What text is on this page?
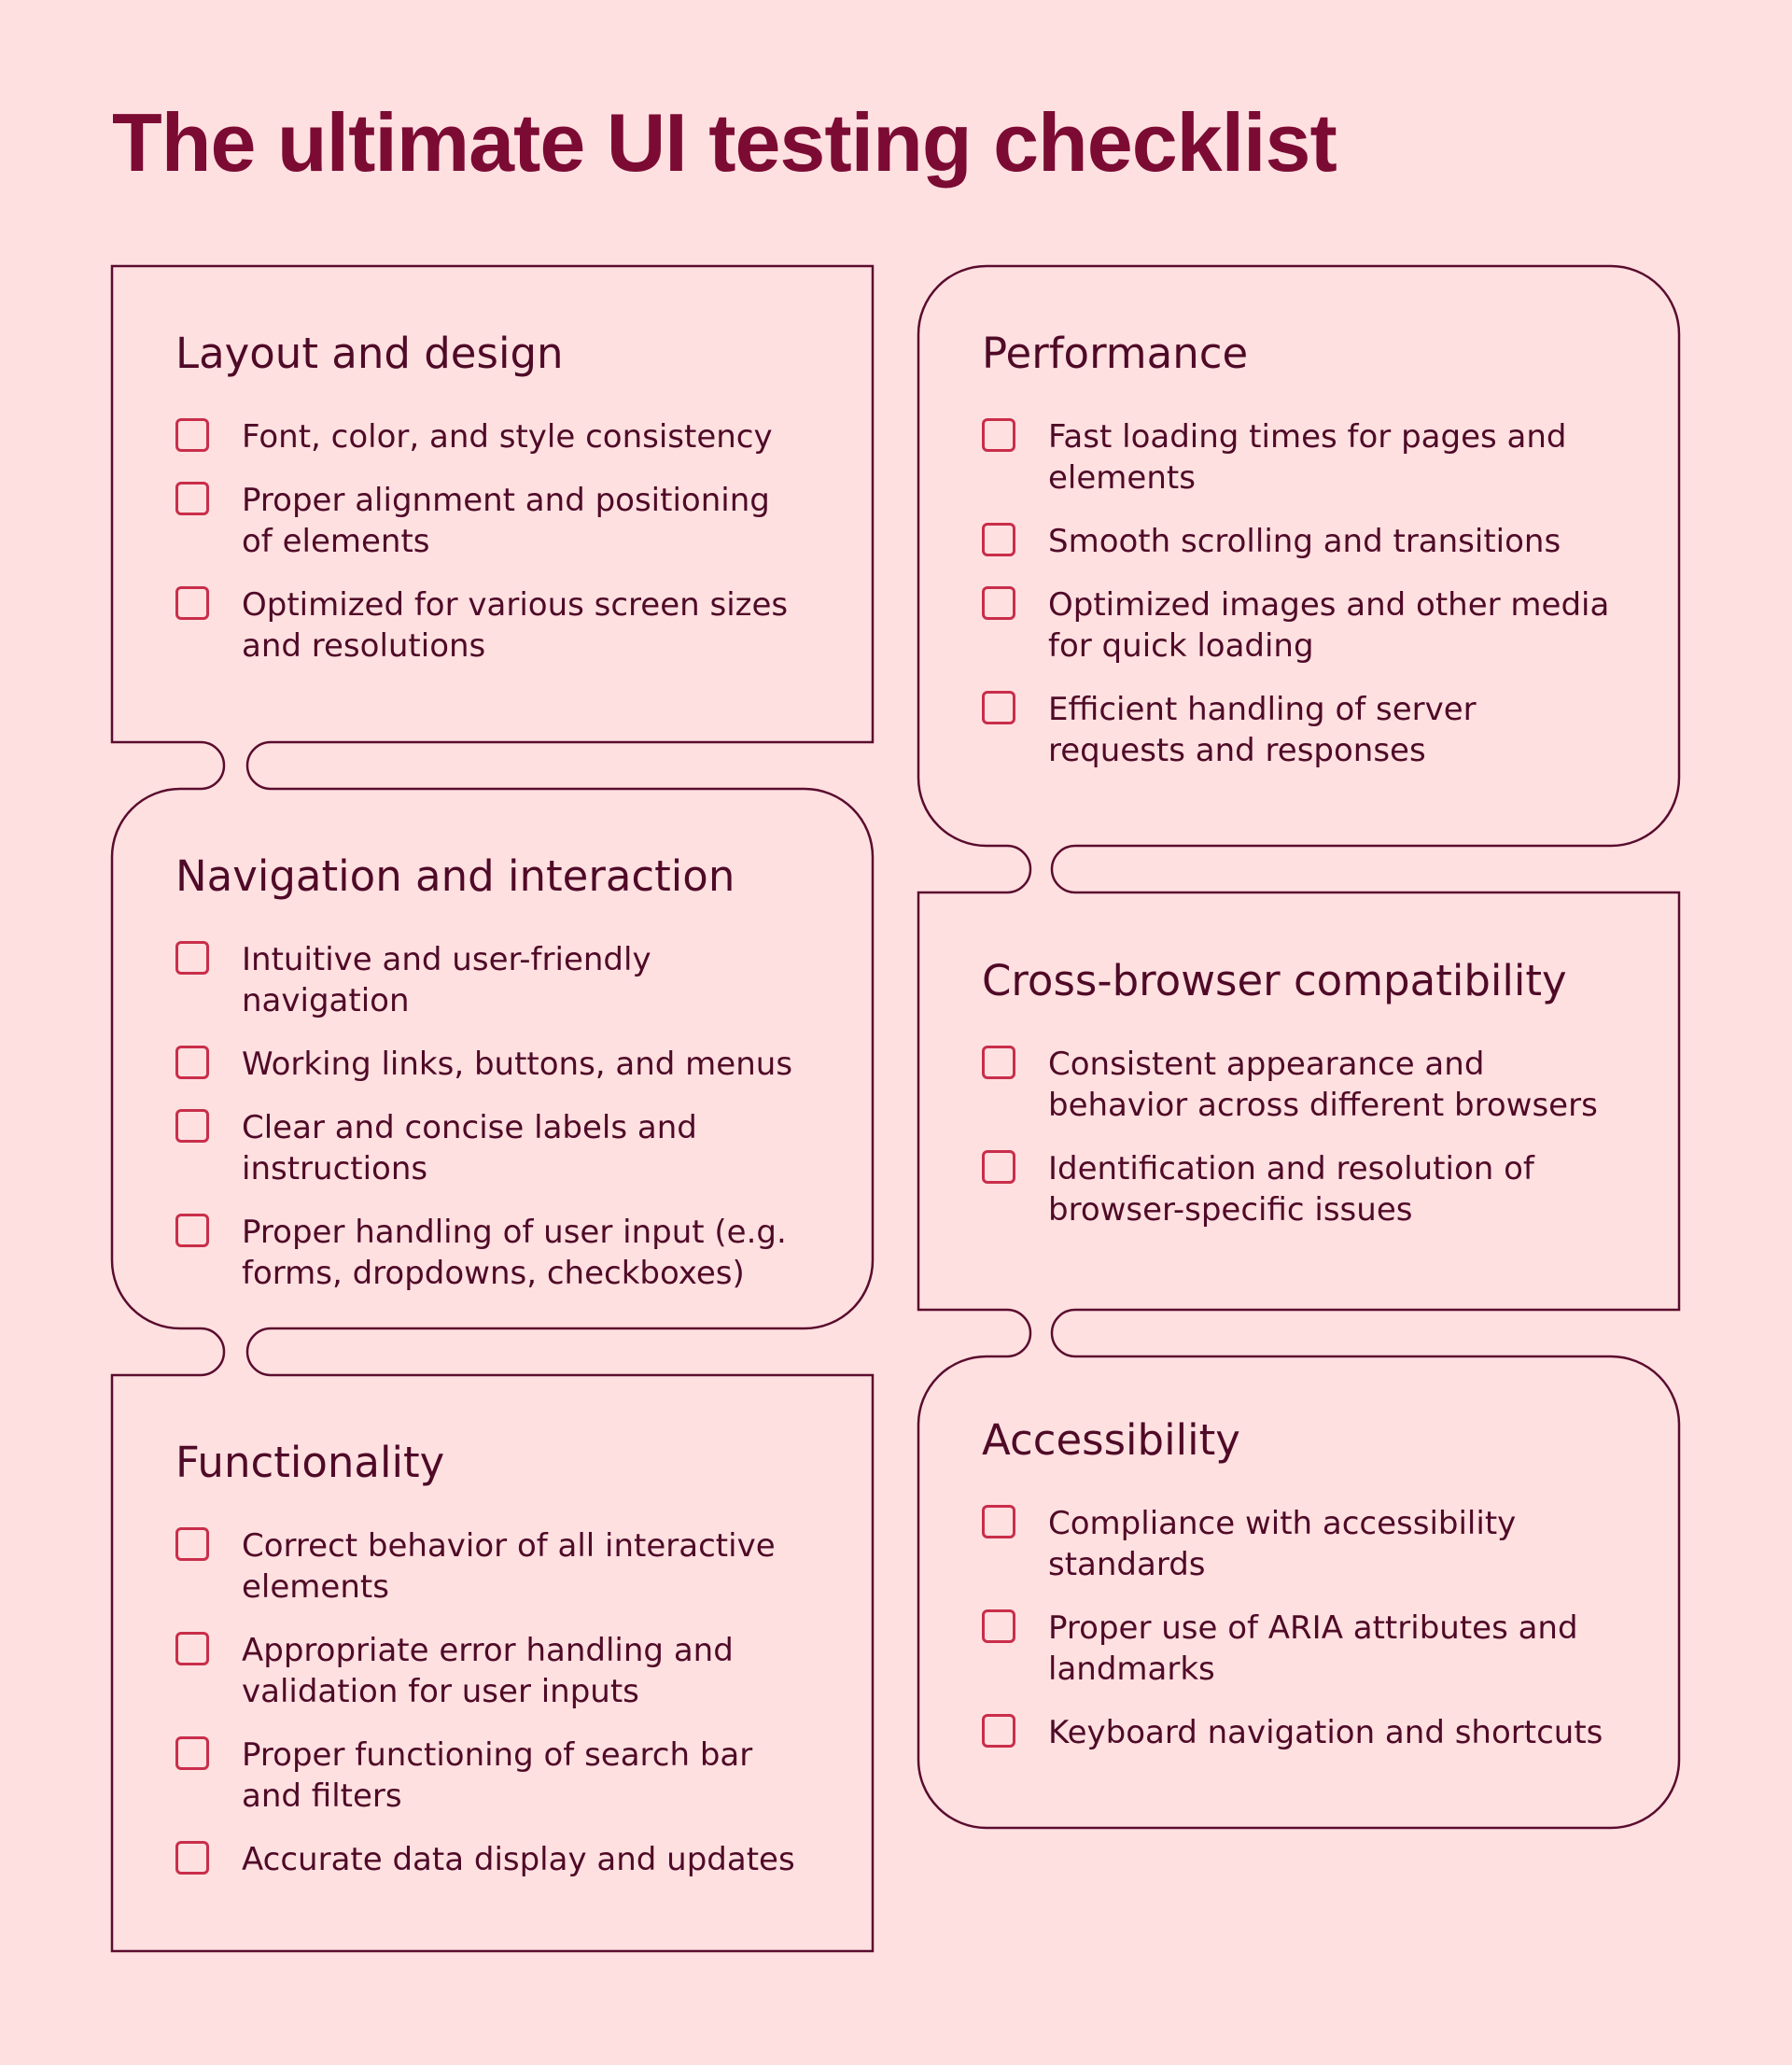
The ultimate UI testing checklist
Layout and design
Font, color, and style consistency
Proper alignment and positioning of elements
Optimized for various screen sizes and resolutions
Navigation and interaction
Intuitive and user-friendly navigation
Working links, buttons, and menus
Clear and concise labels and instructions
Proper handling of user input (e.g. forms, dropdowns, checkboxes)
Functionality
Correct behavior of all interactive elements
Appropriate error handling and validation for user inputs
Proper functioning of search bar and filters
Accurate data display and updates
Performance
Fast loading times for pages and elements
Smooth scrolling and transitions
Optimized images and other media for quick loading
Efficient handling of server requests and responses
Cross-browser compatibility
Consistent appearance and behavior across different browsers
Identification and resolution of browser-specific issues
Accessibility
Compliance with accessibility standards
Proper use of ARIA attributes and landmarks
Keyboard navigation and shortcuts
